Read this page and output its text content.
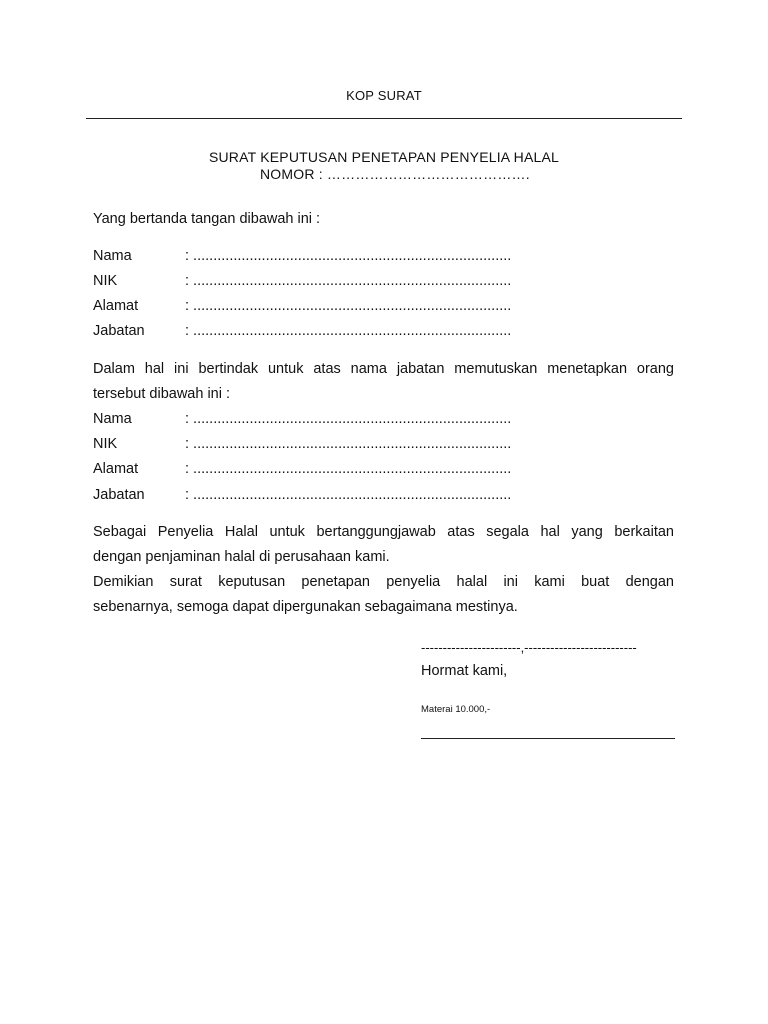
KOP SURAT
SURAT KEPUTUSAN PENETAPAN PENYELIA HALAL
NOMOR : …………………………………….
Yang bertanda tangan dibawah ini :
Nama	: ...............................................................................
NIK	: ...............................................................................
Alamat	: ...............................................................................
Jabatan	: ...............................................................................
Dalam hal ini bertindak untuk atas nama jabatan memutuskan menetapkan orang
tersebut dibawah ini :
Nama	: ...............................................................................
NIK	: ...............................................................................
Alamat	: ...............................................................................
Jabatan	: ...............................................................................
Sebagai Penyelia Halal untuk bertanggungjawab atas segala hal yang berkaitan
dengan penjaminan halal di perusahaan kami.
Demikian surat keputusan penetapan penyelia halal ini kami buat dengan
sebenarnya, semoga dapat dipergunakan sebagaimana mestinya.
-----------------------,--------------------------
Hormat kami,
Materai 10.000,-
